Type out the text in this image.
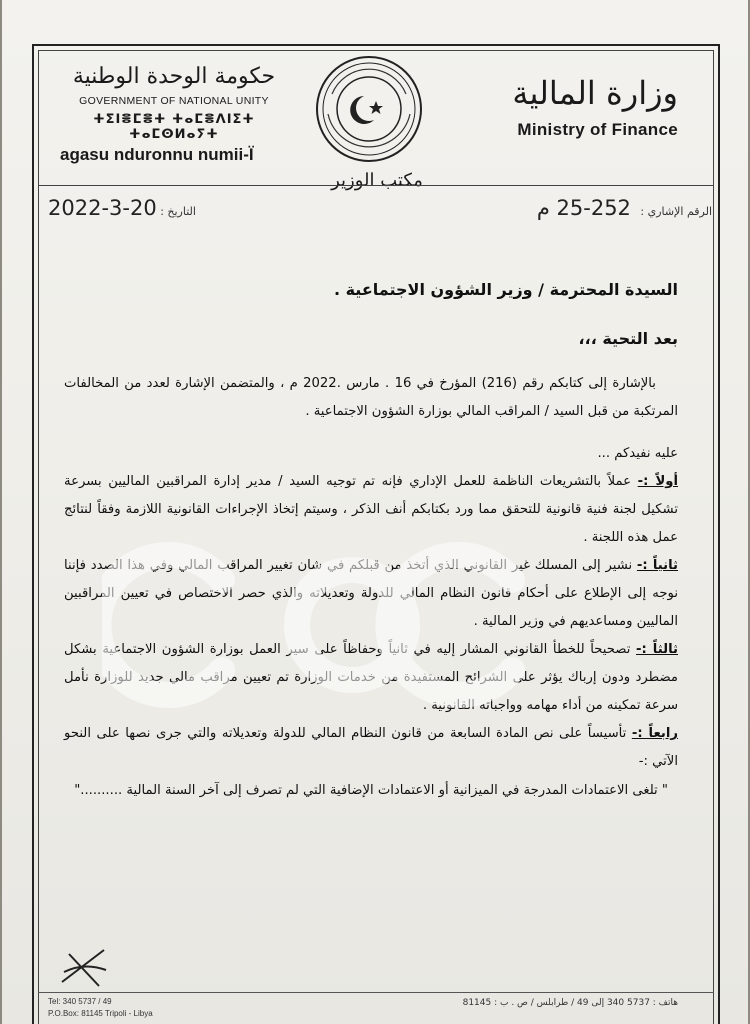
حكومة الوحدة الوطنية
GOVERNMENT OF NATIONAL UNITY
ⵜⵉⵏⴻⵎⴻⵜ ⵜⴰⵎⴻⴷⵏⵉⵜ ⵜⴰⵎⵙⵍⴰⵢⵜ
agasu nduronnu numii-Ï
مكتب الوزير
وزارة المالية
Ministry of Finance
الرقم الإشاري : 252-25 م
التاريخ : 2022-3-20

السيدة المحترمة / وزير الشؤون الاجتماعية .

بعد التحية ،،،

بالإشارة إلى كتابكم رقم (216) المؤرخ في 16 . مارس .2022 م ، والمتضمن الإشارة لعدد من المخالفات المرتكبة من قبل السيد / المراقب المالي بوزارة الشؤون الاجتماعية .

عليه نفيدكم ...

أولاً :- عملاً بالتشريعات الناظمة للعمل الإداري فإنه تم توجيه السيد / مدير إدارة المراقبين الماليين بسرعة تشكيل لجنة فنية قانونية للتحقق مما ورد بكتابكم أنف الذكر ، وسيتم إتخاذ الإجراءات القانونية اللازمة وفقاً لنتائج عمل هذه اللجنة .

ثانياً :- نشير إلى المسلك غير القانوني الذي أتخذ من قبلكم في شان تغيير المراقب المالي وفي هذا الصدد فإننا نوجه إلى الإطلاع على أحكام قانون النظام المالي للدولة وتعديلاته والذي حصر الاختصاص في تعيين المراقبين الماليين ومساعديهم في وزير المالية .

ثالثاً :- تصحيحاً للخطأ القانوني المشار إليه في ثانياً وحفاظاً على سير العمل بوزارة الشؤون الاجتماعية بشكل مضطرد ودون إرباك يؤثر على الشرائح المستفيدة من خدمات الوزارة تم تعيين مراقب مالي جديد للوزارة نأمل سرعة تمكينه من أداء مهامه وواجباته القانونية .

رابعاً :- تأسيساً على نص المادة السابعة من قانون النظام المالي للدولة وتعديلاته والتي جرى نصها على النحو الآتي :-

" تلغى الاعتمادات المدرجة في الميزانية أو الاعتمادات الإضافية التي لم تصرف إلى آخر السنة المالية .........."

Tel: 340 5737 / 49
P.O.Box: 81145 Tripoli - Libya
هاتف : 5737 340 إلى 49 / طرابلس / ص . ب : 81145
